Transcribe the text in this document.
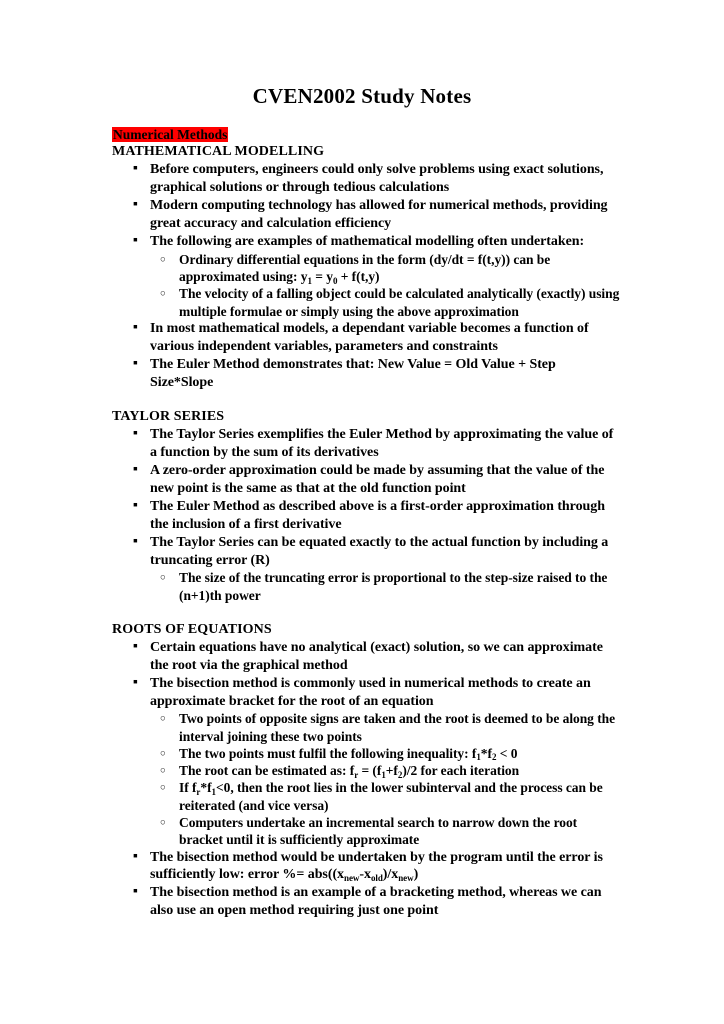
CVEN2002 Study Notes
Numerical Methods
MATHEMATICAL MODELLING
▪ Before computers, engineers could only solve problems using exact solutions, graphical solutions or through tedious calculations
▪ Modern computing technology has allowed for numerical methods, providing great accuracy and calculation efficiency
▪ The following are examples of mathematical modelling often undertaken:
○ Ordinary differential equations in the form (dy/dt = f(t,y)) can be approximated using: $y_1 = y_0 + f(t,y)$
○ The velocity of a falling object could be calculated analytically (exactly) using multiple formulae or simply using the above approximation
▪ In most mathematical models, a dependant variable becomes a function of various independent variables, parameters and constraints
▪ The Euler Method demonstrates that: New Value = Old Value + Step Size*Slope
TAYLOR SERIES
▪ The Taylor Series exemplifies the Euler Method by approximating the value of a function by the sum of its derivatives
▪ A zero-order approximation could be made by assuming that the value of the new point is the same as that at the old function point
▪ The Euler Method as described above is a first-order approximation through the inclusion of a first derivative
▪ The Taylor Series can be equated exactly to the actual function by including a truncating error (R)
○ The size of the truncating error is proportional to the step-size raised to the (n+1)th power
ROOTS OF EQUATIONS
▪ Certain equations have no analytical (exact) solution, so we can approximate the root via the graphical method
▪ The bisection method is commonly used in numerical methods to create an approximate bracket for the root of an equation
○ Two points of opposite signs are taken and the root is deemed to be along the interval joining these two points
○ The two points must fulfil the following inequality: $f_1*f_2 < 0$
○ The root can be estimated as: $f_r = (f_1+f_2)/2$ for each iteration
○ If $f_r*f_1<0$, then the root lies in the lower subinterval and the process can be reiterated (and vice versa)
○ Computers undertake an incremental search to narrow down the root bracket until it is sufficiently approximate
▪ The bisection method would be undertaken by the program until the error is sufficiently low: error %= $abs((x_{new}-x_{old})/x_{new})$
▪ The bisection method is an example of a bracketing method, whereas we can also use an open method requiring just one point
